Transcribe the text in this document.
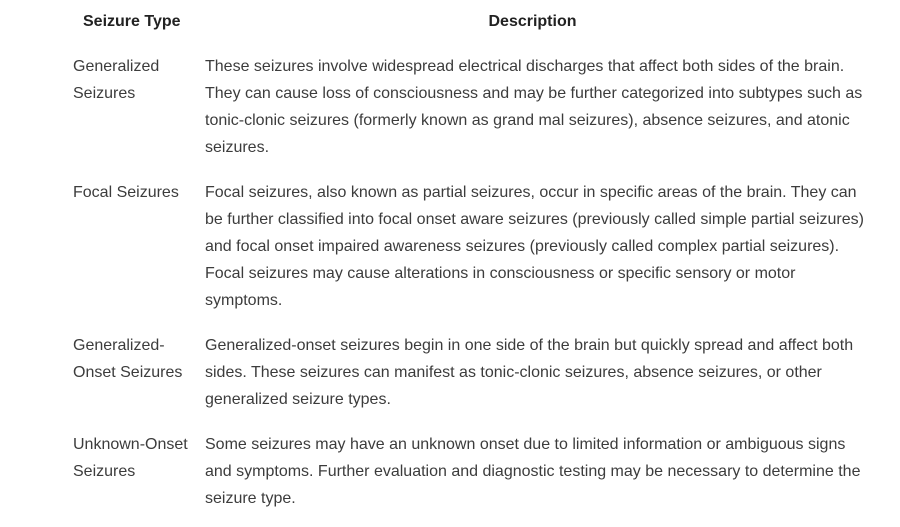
Seizure Type	Description
Generalized Seizures
These seizures involve widespread electrical discharges that affect both sides of the brain. They can cause loss of consciousness and may be further categorized into subtypes such as tonic-clonic seizures (formerly known as grand mal seizures), absence seizures, and atonic seizures.
Focal Seizures	Focal seizures, also known as partial seizures, occur in specific areas of the brain. They can be further classified into focal onset aware seizures (previously called simple partial seizures) and focal onset impaired awareness seizures (previously called complex partial seizures). Focal seizures may cause alterations in consciousness or specific sensory or motor symptoms.
Generalized-Onset Seizures
Generalized-onset seizures begin in one side of the brain but quickly spread and affect both sides. These seizures can manifest as tonic-clonic seizures, absence seizures, or other generalized seizure types.
Unknown-Onset Seizures
Some seizures may have an unknown onset due to limited information or ambiguous signs and symptoms. Further evaluation and diagnostic testing may be necessary to determine the seizure type.
